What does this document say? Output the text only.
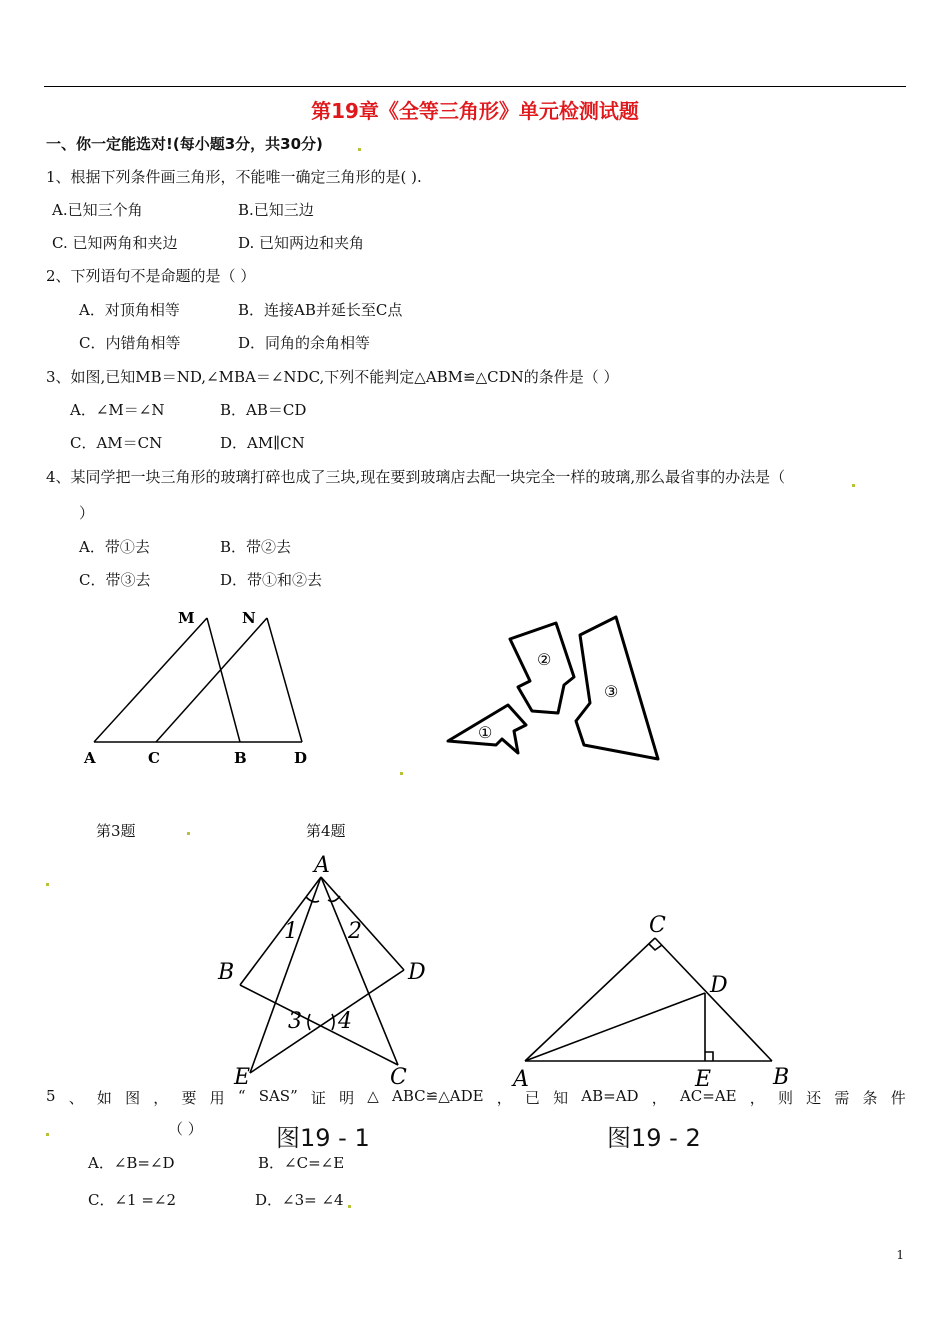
第19章《全等三角形》单元检测试题
一、你一定能选对!(每小题3分，共30分)
1、根据下列条件画三角形，不能唯一确定三角形的是( ).
A.已知三个角	B.已知三边
C. 已知两角和夹边	D. 已知两边和夹角
2、下列语句不是命题的是（ ）
A．对顶角相等	B．连接AB并延长至C点
C．内错角相等	D．同角的余角相等
3、如图,已知MB＝ND,∠MBA＝∠NDC,下列不能判定△ABM≌△CDN的条件是（ ）
A．∠M＝∠N	B．AB＝CD
C．AM＝CN	D．AM∥CN
4、某同学把一块三角形的玻璃打碎也成了三块,现在要到玻璃店去配一块完全一样的玻璃,那么最省事的办法是（
）
A．带①去	B．带②去
C．带③去	D．带①和②去
M	N
A	C	B	D
①
②
③
第3题	第4题
A
1 2
B	D
3 4
E	C
C
D
A	E	B
5 、 如 图 ， 要 用 “ SAS” 证 明 △ ABC≌△ADE ， 已 知 AB=AD ， AC=AE ， 则 还 需 条 件
（ ）	图19 - 1	图19 - 2
A．∠B=∠D	B．∠C=∠E
C．∠1 =∠2	D．∠3= ∠4
1
